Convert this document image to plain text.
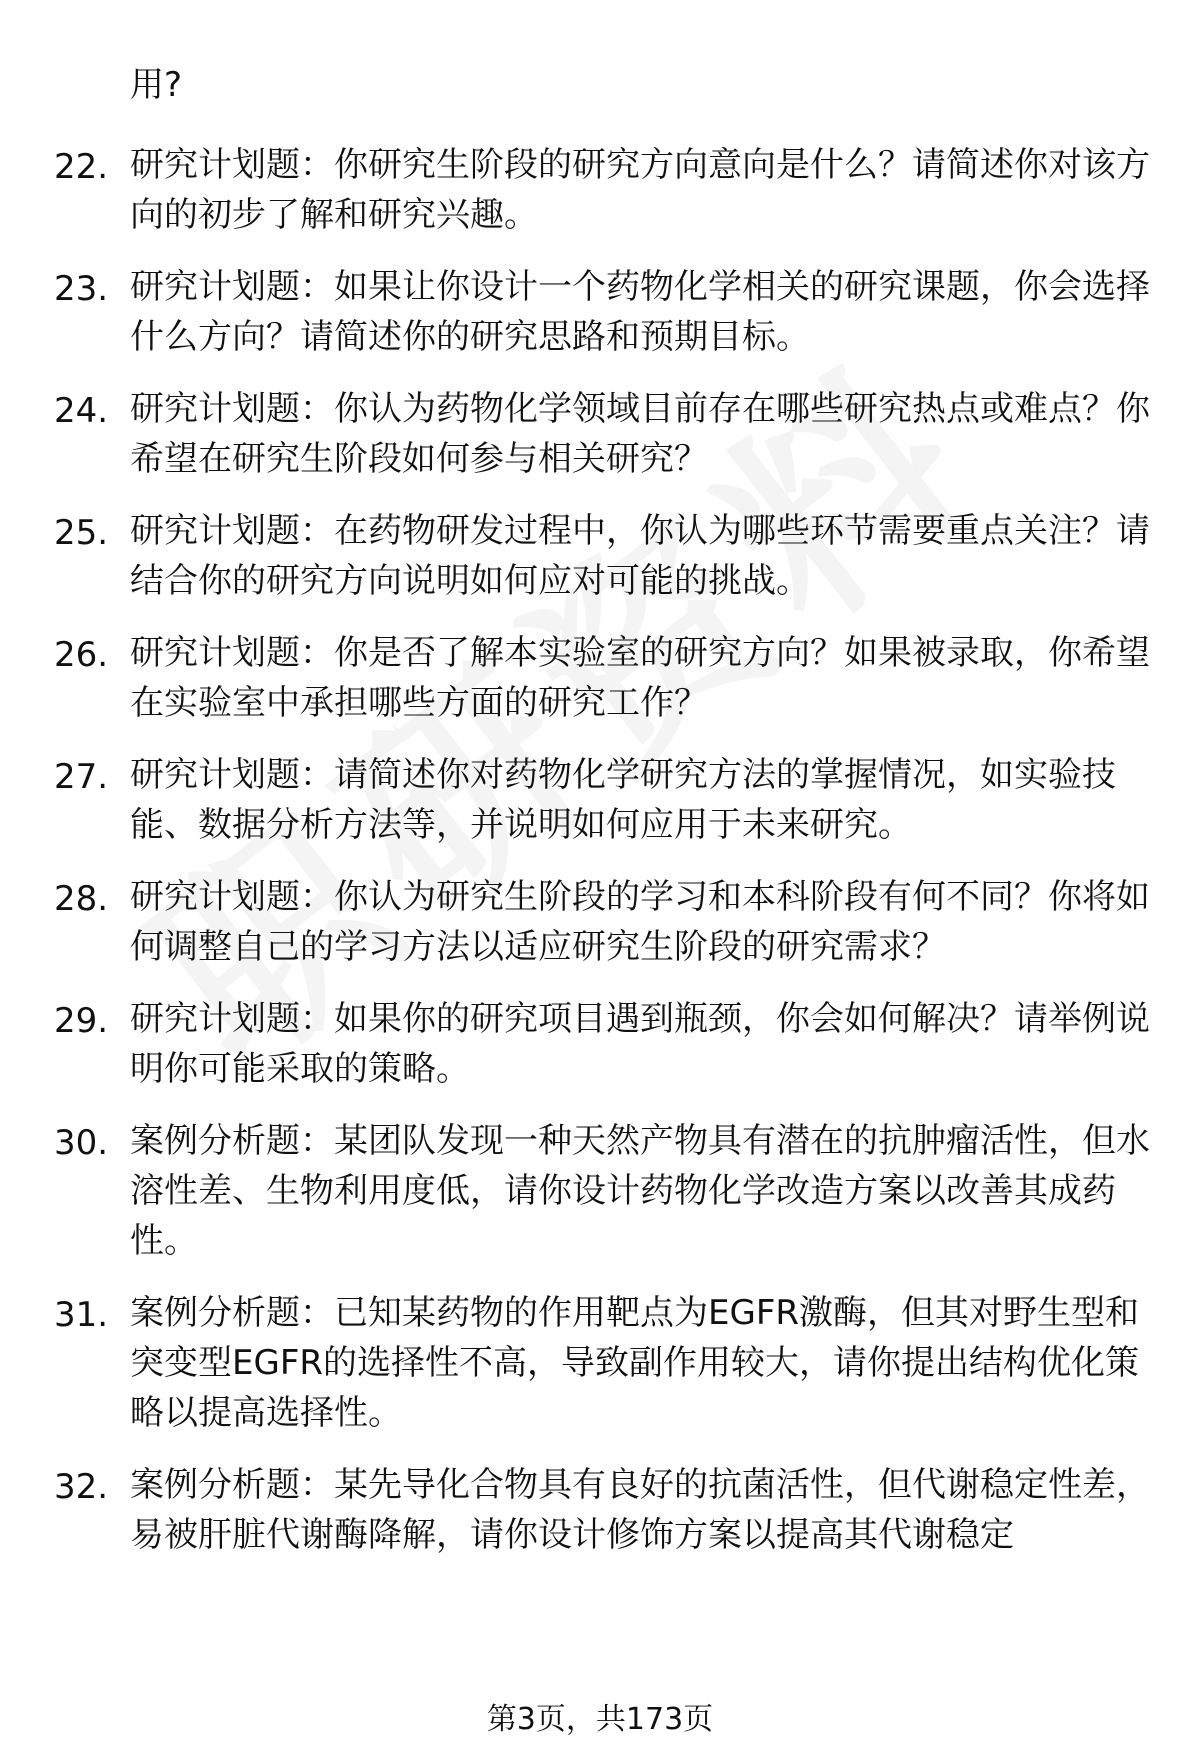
用?
22. 研究计划题：你研究生阶段的研究方向意向是什么？请简述你对该方向的初步了解和研究兴趣。
23. 研究计划题：如果让你设计一个药物化学相关的研究课题，你会选择什么方向？请简述你的研究思路和预期目标。
24. 研究计划题：你认为药物化学领域目前存在哪些研究热点或难点？你希望在研究生阶段如何参与相关研究？
25. 研究计划题：在药物研发过程中，你认为哪些环节需要重点关注？请结合你的研究方向说明如何应对可能的挑战。
26. 研究计划题：你是否了解本实验室的研究方向？如果被录取，你希望在实验室中承担哪些方面的研究工作？
27. 研究计划题：请简述你对药物化学研究方法的掌握情况，如实验技能、数据分析方法等，并说明如何应用于未来研究。
28. 研究计划题：你认为研究生阶段的学习和本科阶段有何不同？你将如何调整自己的学习方法以适应研究生阶段的研究需求？
29. 研究计划题：如果你的研究项目遇到瓶颈，你会如何解决？请举例说明你可能采取的策略。
30. 案例分析题：某团队发现一种天然产物具有潜在的抗肿瘤活性，但水溶性差、生物利用度低，请你设计药物化学改造方案以改善其成药性。
31. 案例分析题：已知某药物的作用靶点为EGFR激酶，但其对野生型和突变型EGFR的选择性不高，导致副作用较大，请你提出结构优化策略以提高选择性。
32. 案例分析题：某先导化合物具有良好的抗菌活性，但代谢稳定性差，易被肝脏代谢酶降解，请你设计修饰方案以提高其代谢稳定
第3页，共173页
